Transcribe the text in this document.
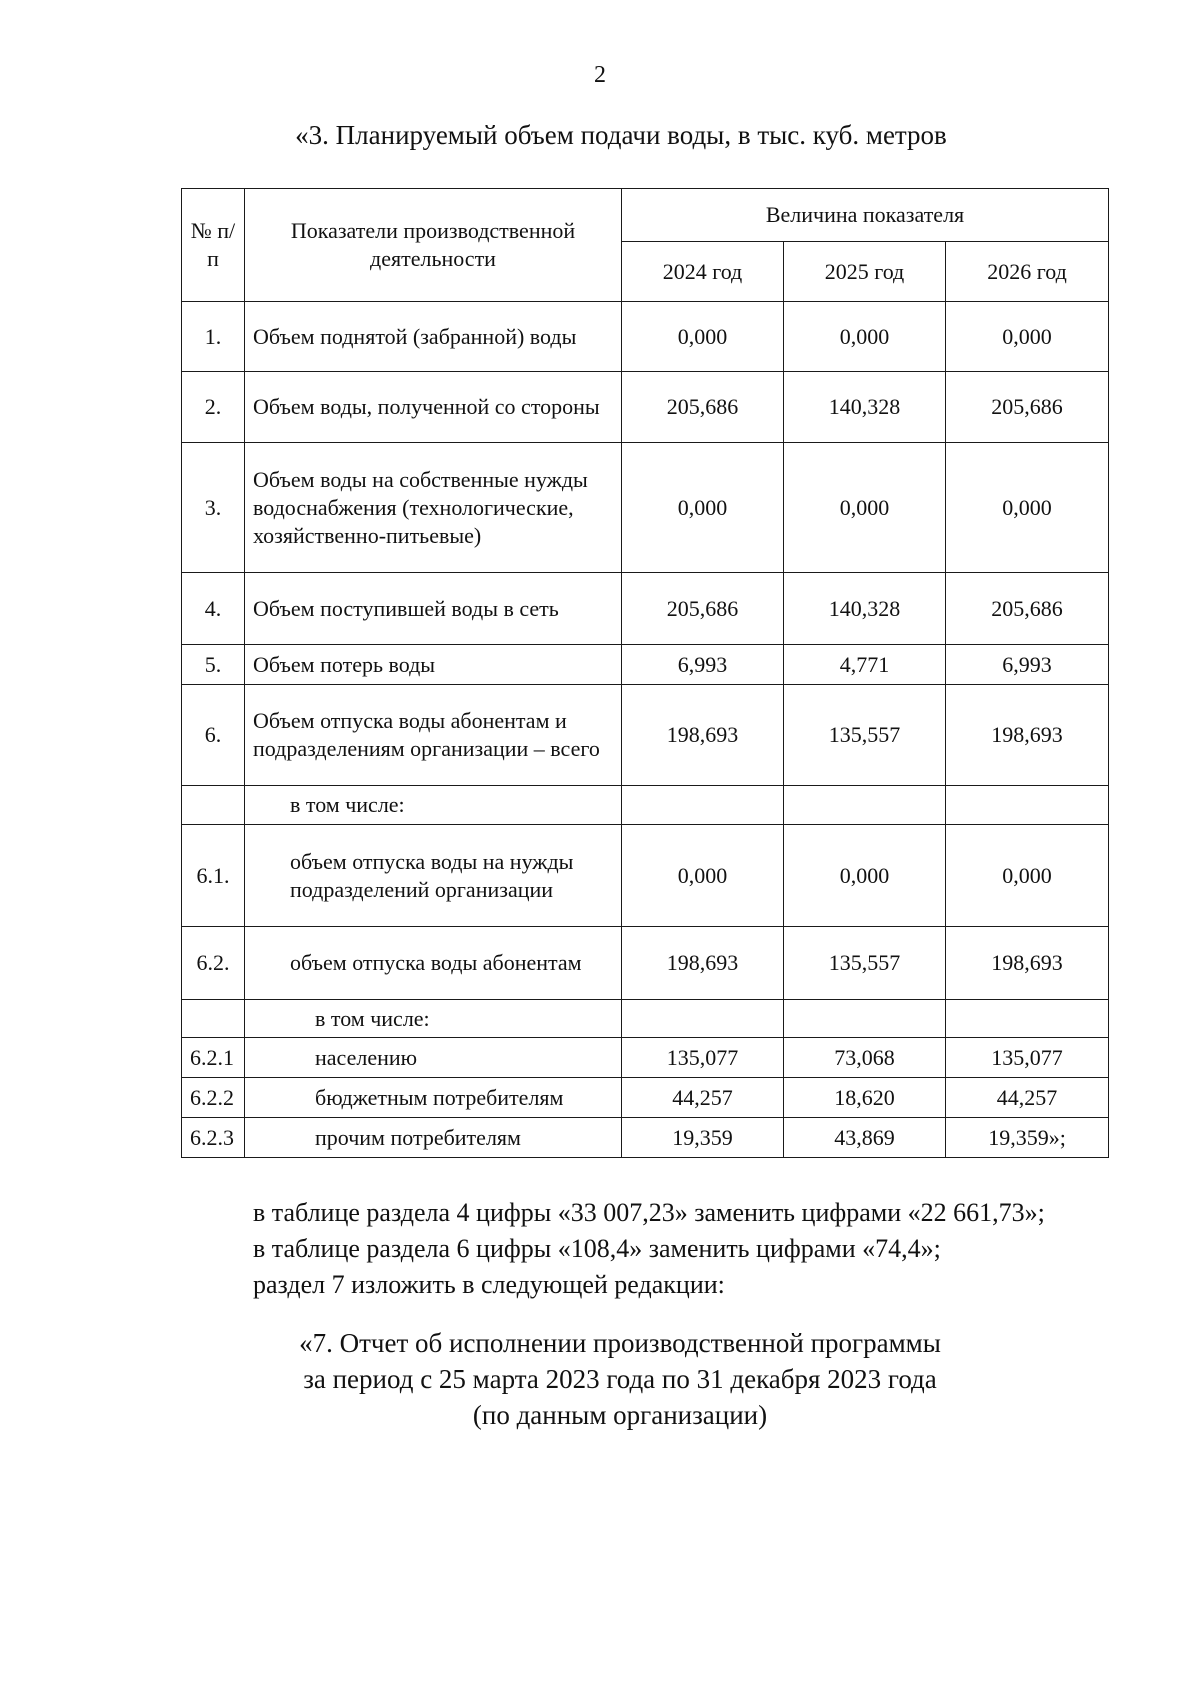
2
«3. Планируемый объем подачи воды, в тыс. куб. метров
№ п/п	Показатели производственной деятельности	Величина показателя		
		2024 год	2025 год	2026 год
1.	Объем поднятой (забранной) воды	0,000	0,000	0,000
2.	Объем воды, полученной со стороны	205,686	140,328	205,686
3.	Объем воды на собственные нужды водоснабжения (технологические, хозяйственно-питьевые)	0,000	0,000	0,000
4.	Объем поступившей воды в сеть	205,686	140,328	205,686
5.	Объем потерь воды	6,993	4,771	6,993
6.	Объем отпуска воды абонентам и подразделениям организации – всего	198,693	135,557	198,693
	в том числе:			
6.1.	объем отпуска воды на нужды подразделений организации	0,000	0,000	0,000
6.2.	объем отпуска воды абонентам	198,693	135,557	198,693
	в том числе:			
6.2.1	населению	135,077	73,068	135,077
6.2.2	бюджетным потребителям	44,257	18,620	44,257
6.2.3	прочим потребителям	19,359	43,869	19,359»;

в таблице раздела 4 цифры «33 007,23» заменить цифрами «22 661,73»;

в таблице раздела 6 цифры «108,4» заменить цифрами «74,4»;

раздел 7 изложить в следующей редакции:

«7. Отчет об исполнении производственной программы

за период с 25 марта 2023 года по 31 декабря 2023 года

(по данным организации)
